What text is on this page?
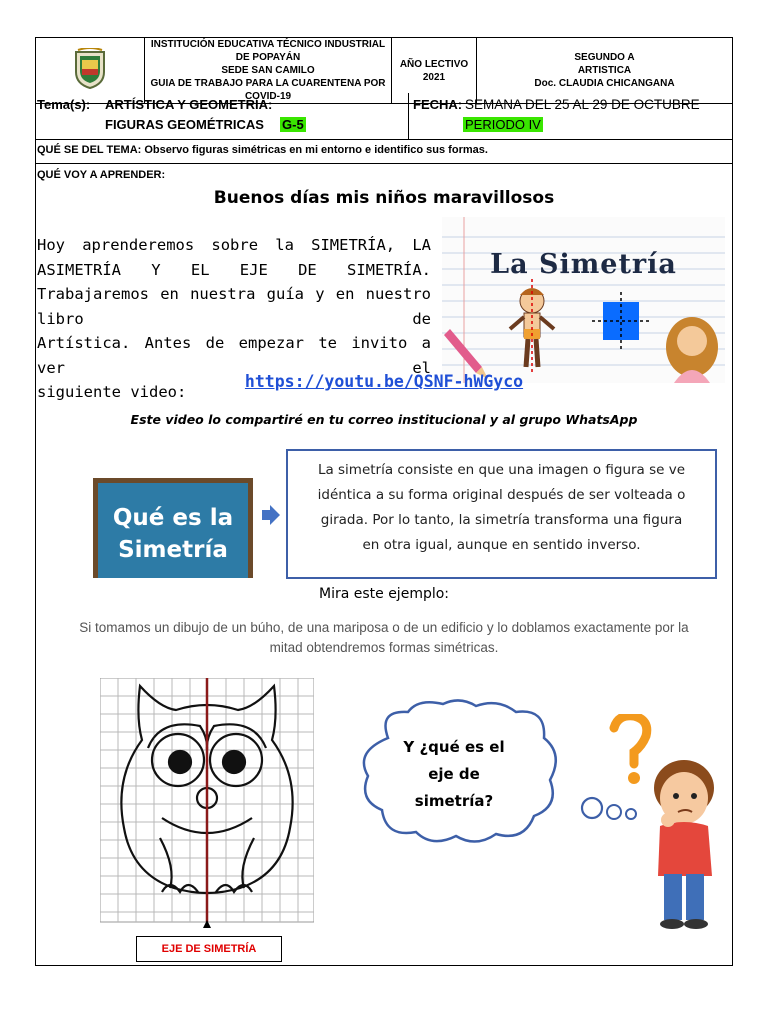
INSTITUCIÓN EDUCATIVA TÉCNICO INDUSTRIAL DE POPAYÁN
SEDE SAN CAMILO
GUIA DE TRABAJO PARA LA CUARENTENA POR COVID-19

AÑO LECTIVO
2021

SEGUNDO A
ARTISTICA
Doc. CLAUDIA CHICANGANA
Tema(s): ARTÍSTICA Y GEOMETRÍA:
FIGURAS GEOMÉTRICAS G-5
FECHA: SEMANA DEL 25 AL 29 DE OCTUBRE
PERIODO IV
QUÉ SE DEL TEMA: Observo figuras simétricas en mi entorno e identifico sus formas.
QUÉ VOY A APRENDER:
Buenos días mis niños maravillosos
Hoy aprenderemos sobre la SIMETRÍA, LA
ASIMETRÍA Y EL EJE DE SIMETRÍA.
Trabajaremos en nuestra guía y en nuestro libro de
Artística. Antes de empezar te invito a ver el
siguiente video:
La Simetría
https://youtu.be/QSNF-hWGyco
Este video lo compartiré en tu correo institucional y al grupo WhatsApp
Qué es la
Simetría
La simetría consiste en que una imagen o figura se ve
idéntica a su forma original después de ser volteada o
girada. Por lo tanto, la simetría transforma una figura
en otra igual, aunque en sentido inverso.
Mira este ejemplo:
Si tomamos un dibujo de un búho, de una mariposa o de un edificio y lo doblamos exactamente por la
mitad obtendremos formas simétricas.
EJE DE SIMETRÍA
Y ¿qué es el
eje de
simetría?
